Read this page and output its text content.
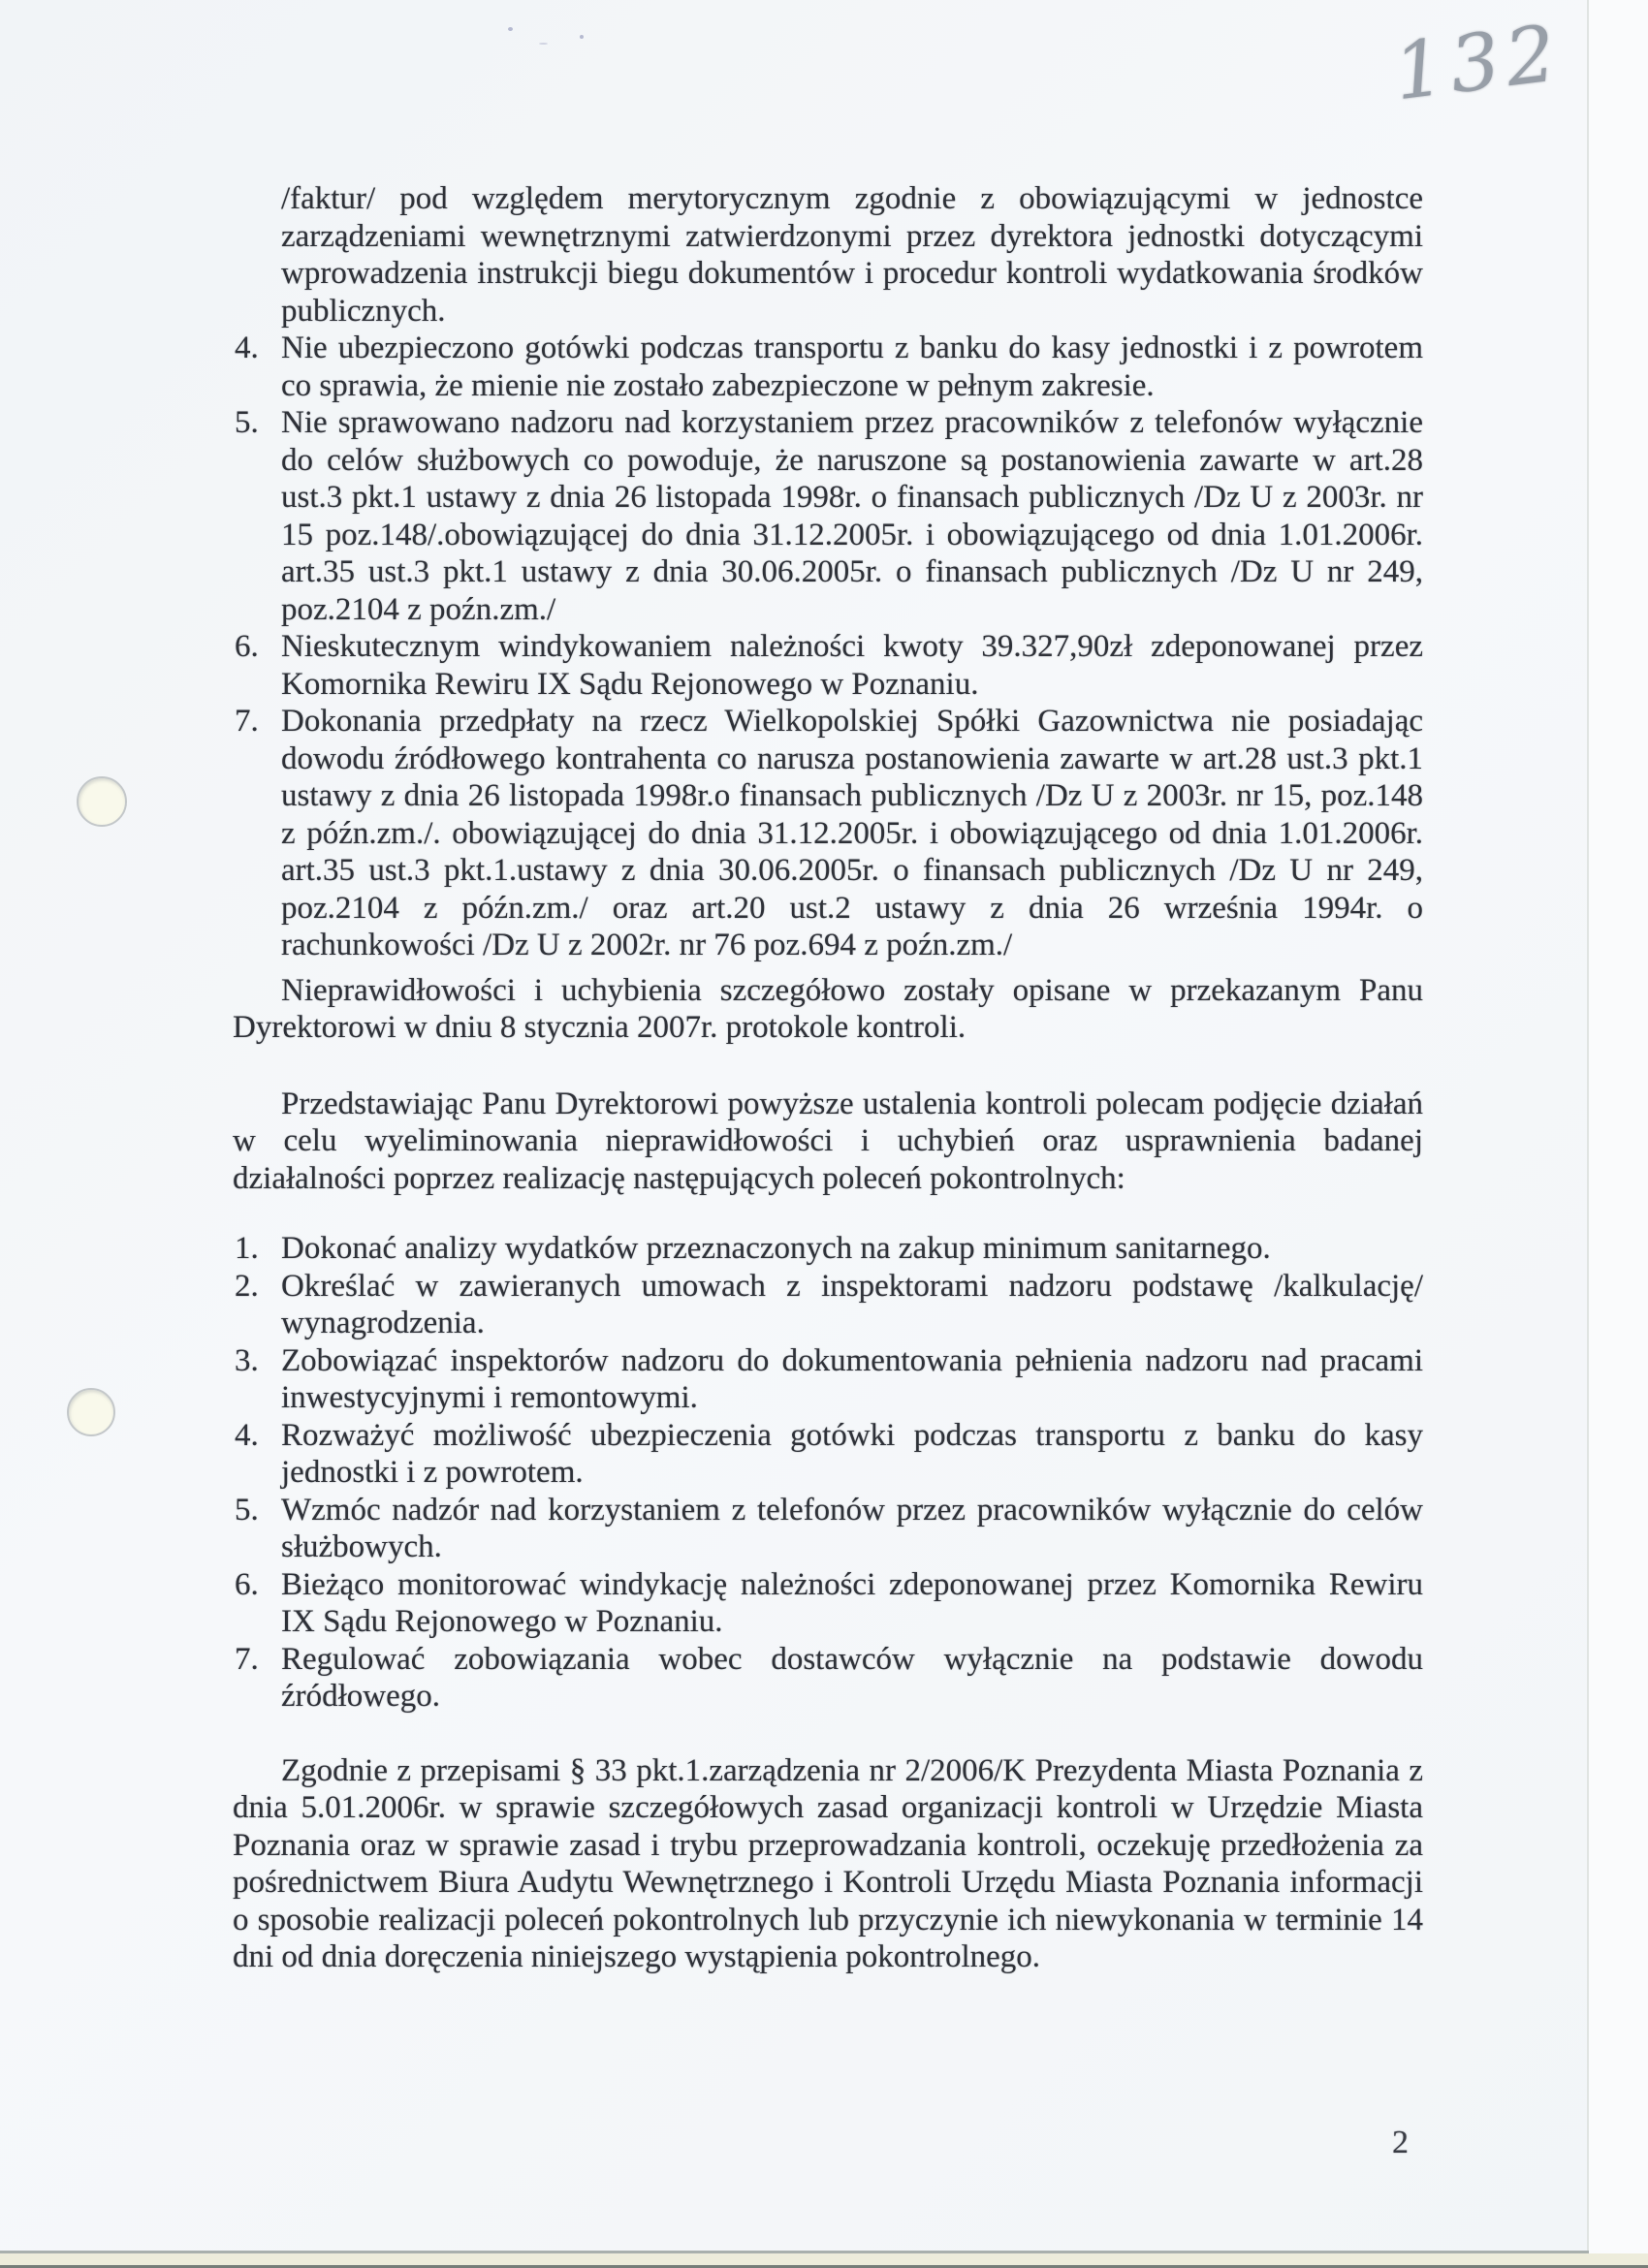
132

/faktur/ pod względem merytorycznym zgodnie z obowiązującymi w jednostce zarządzeniami wewnętrznymi zatwierdzonymi przez dyrektora jednostki dotyczącymi wprowadzenia instrukcji biegu dokumentów i procedur kontroli wydatkowania środków publicznych.

4. Nie ubezpieczono gotówki podczas transportu z banku do kasy jednostki i z powrotem co sprawia, że mienie nie zostało zabezpieczone w pełnym zakresie.
5. Nie sprawowano nadzoru nad korzystaniem przez pracowników z telefonów wyłącznie do celów służbowych co powoduje, że naruszone są postanowienia zawarte w art.28 ust.3 pkt.1 ustawy z dnia 26 listopada 1998r. o finansach publicznych /Dz U z 2003r. nr 15 poz.148/.obowiązującej do dnia 31.12.2005r. i obowiązującego od dnia 1.01.2006r. art.35 ust.3 pkt.1 ustawy z dnia 30.06.2005r. o finansach publicznych /Dz U nr 249, poz.2104 z poźn.zm./
6. Nieskutecznym windykowaniem należności kwoty 39.327,90zł zdeponowanej przez Komornika Rewiru IX Sądu Rejonowego w Poznaniu.
7. Dokonania przedpłaty na rzecz Wielkopolskiej Spółki Gazownictwa nie posiadając dowodu źródłowego kontrahenta co narusza postanowienia zawarte w art.28 ust.3 pkt.1 ustawy z dnia 26 listopada 1998r.o finansach publicznych /Dz U z 2003r. nr 15, poz.148 z późn.zm./. obowiązującej do dnia 31.12.2005r. i obowiązującego od dnia 1.01.2006r. art.35 ust.3 pkt.1.ustawy z dnia 30.06.2005r. o finansach publicznych /Dz U nr 249, poz.2104 z późn.zm./ oraz art.20 ust.2 ustawy z dnia 26 września 1994r. o rachunkowości /Dz U z 2002r. nr 76 poz.694 z poźn.zm./

Nieprawidłowości i uchybienia szczegółowo zostały opisane w przekazanym Panu Dyrektorowi w dniu 8 stycznia 2007r. protokole kontroli.

Przedstawiając Panu Dyrektorowi powyższe ustalenia kontroli polecam podjęcie działań w celu wyeliminowania nieprawidłowości i uchybień oraz usprawnienia badanej działalności poprzez realizację następujących poleceń pokontrolnych:

1. Dokonać analizy wydatków przeznaczonych na zakup minimum sanitarnego.
2. Określać w zawieranych umowach z inspektorami nadzoru podstawę /kalkulację/ wynagrodzenia.
3. Zobowiązać inspektorów nadzoru do dokumentowania pełnienia nadzoru nad pracami inwestycyjnymi i remontowymi.
4. Rozważyć możliwość ubezpieczenia gotówki podczas transportu z banku do kasy jednostki i z powrotem.
5. Wzmóc nadzór nad korzystaniem z telefonów przez pracowników wyłącznie do celów służbowych.
6. Bieżąco monitorować windykację należności zdeponowanej przez Komornika Rewiru IX Sądu Rejonowego w Poznaniu.
7. Regulować zobowiązania wobec dostawców wyłącznie na podstawie dowodu źródłowego.

Zgodnie z przepisami § 33 pkt.1.zarządzenia nr 2/2006/K Prezydenta Miasta Poznania z dnia 5.01.2006r. w sprawie szczegółowych zasad organizacji kontroli w Urzędzie Miasta Poznania oraz w sprawie zasad i trybu przeprowadzania kontroli, oczekuję przedłożenia za pośrednictwem Biura Audytu Wewnętrznego i Kontroli Urzędu Miasta Poznania informacji o sposobie realizacji poleceń pokontrolnych lub przyczynie ich niewykonania w terminie 14 dni od dnia doręczenia niniejszego wystąpienia pokontrolnego.

2
